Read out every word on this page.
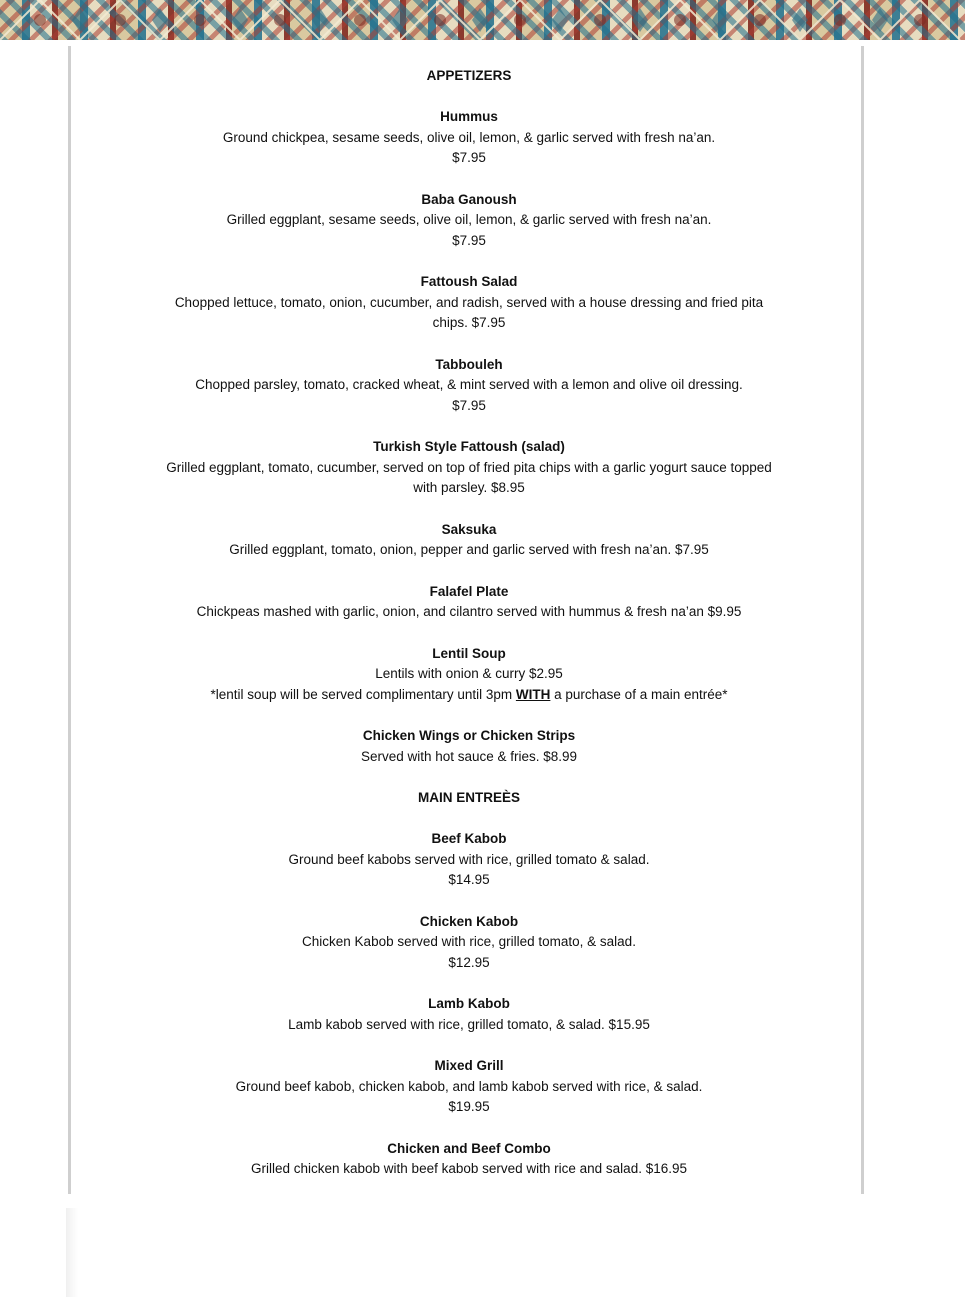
APPETIZERS
Hummus
Ground chickpea, sesame seeds, olive oil, lemon, & garlic served with fresh na’an.
$7.95
Baba Ganoush
Grilled eggplant, sesame seeds, olive oil, lemon, & garlic served with fresh na’an.
$7.95
Fattoush Salad
Chopped lettuce, tomato, onion, cucumber, and radish, served with a house dressing and fried pita chips. $7.95
Tabbouleh
Chopped parsley, tomato, cracked wheat, & mint served with a lemon and olive oil dressing.
$7.95
Turkish Style Fattoush (salad)
Grilled eggplant, tomato, cucumber, served on top of fried pita chips with a garlic yogurt sauce topped with parsley. $8.95
Saksuka
Grilled eggplant, tomato, onion, pepper and garlic served with fresh na’an. $7.95
Falafel Plate
Chickpeas mashed with garlic, onion, and cilantro served with hummus & fresh na’an $9.95
Lentil Soup
Lentils with onion & curry $2.95
*lentil soup will be served complimentary until 3pm WITH a purchase of a main entrée*
Chicken Wings or Chicken Strips
Served with hot sauce & fries. $8.99
MAIN ENTREÈS
Beef Kabob
Ground beef kabobs served with rice, grilled tomato & salad.
$14.95
Chicken Kabob
Chicken Kabob served with rice, grilled tomato, & salad.
$12.95
Lamb Kabob
Lamb kabob served with rice, grilled tomato, & salad. $15.95
Mixed Grill
Ground beef kabob, chicken kabob, and lamb kabob served with rice, & salad.
$19.95
Chicken and Beef Combo
Grilled chicken kabob with beef kabob served with rice and salad. $16.95
